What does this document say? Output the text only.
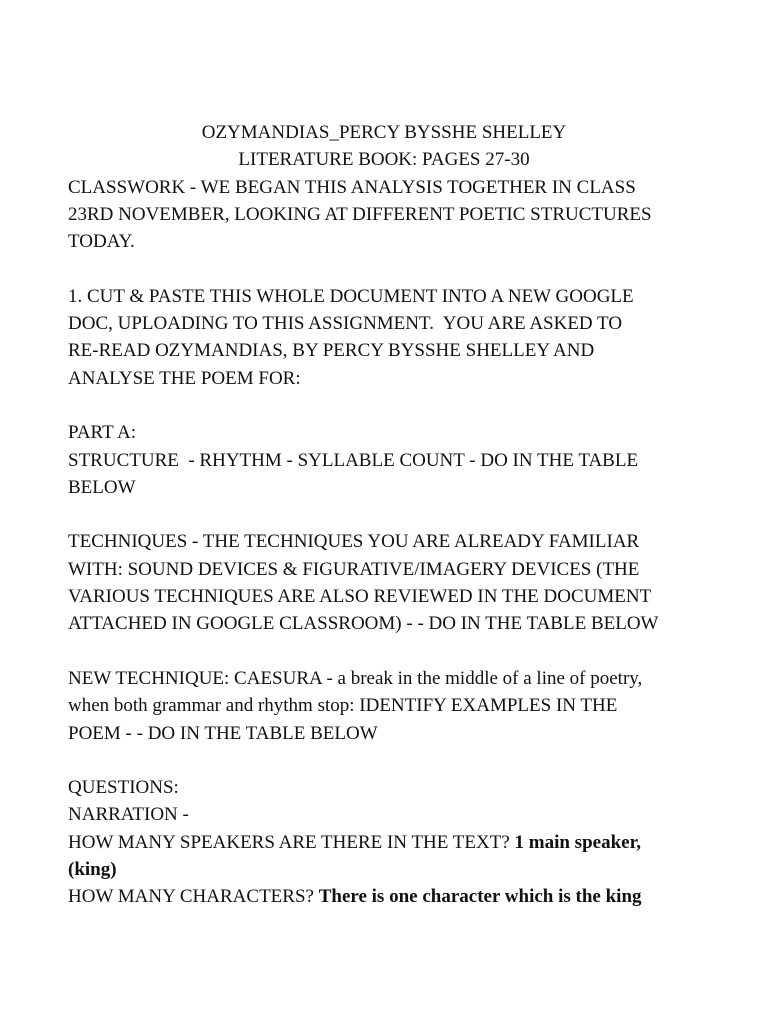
OZYMANDIAS_PERCY BYSSHE SHELLEY

LITERATURE BOOK: PAGES 27-30

CLASSWORK - WE BEGAN THIS ANALYSIS TOGETHER IN CLASS

23RD NOVEMBER, LOOKING AT DIFFERENT POETIC STRUCTURES

TODAY.

1. CUT & PASTE THIS WHOLE DOCUMENT INTO A NEW GOOGLE

DOC, UPLOADING TO THIS ASSIGNMENT.  YOU ARE ASKED TO

RE-READ OZYMANDIAS, BY PERCY BYSSHE SHELLEY AND

ANALYSE THE POEM FOR:

PART A:

STRUCTURE  - RHYTHM - SYLLABLE COUNT - DO IN THE TABLE

BELOW

TECHNIQUES - THE TECHNIQUES YOU ARE ALREADY FAMILIAR

WITH: SOUND DEVICES & FIGURATIVE/IMAGERY DEVICES (THE

VARIOUS TECHNIQUES ARE ALSO REVIEWED IN THE DOCUMENT

ATTACHED IN GOOGLE CLASSROOM) - - DO IN THE TABLE BELOW

NEW TECHNIQUE: CAESURA - a break in the middle of a line of poetry,

when both grammar and rhythm stop: IDENTIFY EXAMPLES IN THE

POEM - - DO IN THE TABLE BELOW

QUESTIONS:

NARRATION -

HOW MANY SPEAKERS ARE THERE IN THE TEXT? 1 main speaker,

(king)

HOW MANY CHARACTERS? There is one character which is the king
